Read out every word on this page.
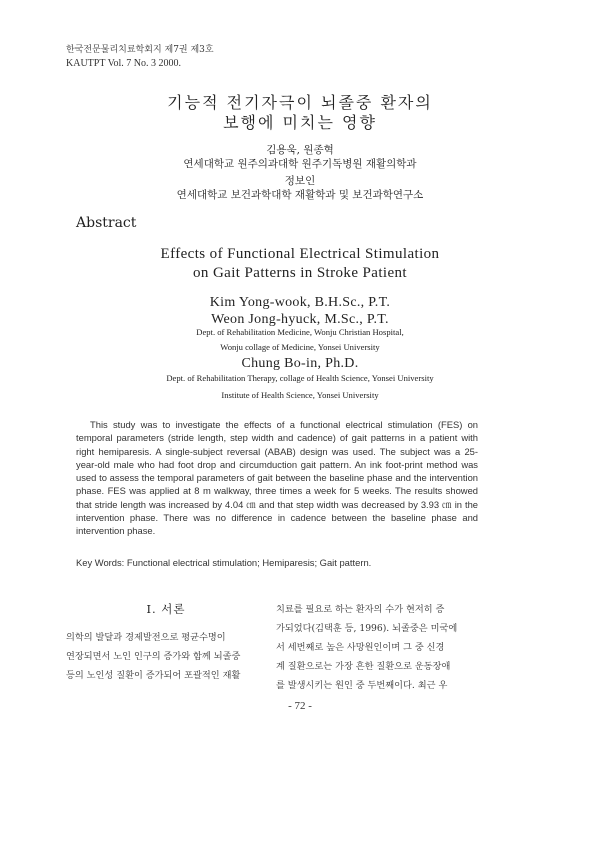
한국전문물리치료학회지 제7권 제3호
KAUTPT Vol. 7 No. 3 2000.
기능적 전기자극이 뇌졸중 환자의
보행에 미치는 영향
김용욱, 원종혁
연세대학교 원주의과대학 원주기독병원 재활의학과
정보인
연세대학교 보건과학대학 재활학과 및 보건과학연구소
Abstract
Effects of Functional Electrical Stimulation
on Gait Patterns in Stroke Patient
Kim Yong-wook, B.H.Sc., P.T.
Weon Jong-hyuck, M.Sc., P.T.
Dept. of Rehabilitation Medicine, Wonju Christian Hospital,
Wonju collage of Medicine, Yonsei University
Chung Bo-in, Ph.D.
Dept. of Rehabilitation Therapy, collage of Health Science, Yonsei University
Institute of Health Science, Yonsei University
This study was to investigate the effects of a functional electrical stimulation (FES) on temporal parameters (stride length, step width and cadence) of gait patterns in a patient with right hemiparesis. A single-subject reversal (ABAB) design was used. The subject was a 25-year-old male who had foot drop and circumduction gait pattern. An ink foot-print method was used to assess the temporal parameters of gait between the baseline phase and the intervention phase. FES was applied at 8 m walkway, three times a week for 5 weeks. The results showed that stride length was increased by 4.04 ㎝ and that step width was decreased by 3.93 ㎝ in the intervention phase. There was no difference in cadence between the baseline phase and intervention phase.
Key Words: Functional electrical stimulation; Hemiparesis; Gait pattern.
Ⅰ. 서론
의학의 발달과 경제발전으로 평균수명이
연장되면서 노인 인구의 증가와 함께 뇌졸중
등의 노인성 질환이 증가되어 포괄적인 재활
치료를 필요로 하는 환자의 수가 현저히 증
가되었다(김택훈 등, 1996). 뇌졸중은 미국에
서 세번째로 높은 사망원인이며 그 중 신경
계 질환으로는 가장 흔한 질환으로 운동장애
를 발생시키는 원인 중 두번째이다. 최근 우
- 72 -
